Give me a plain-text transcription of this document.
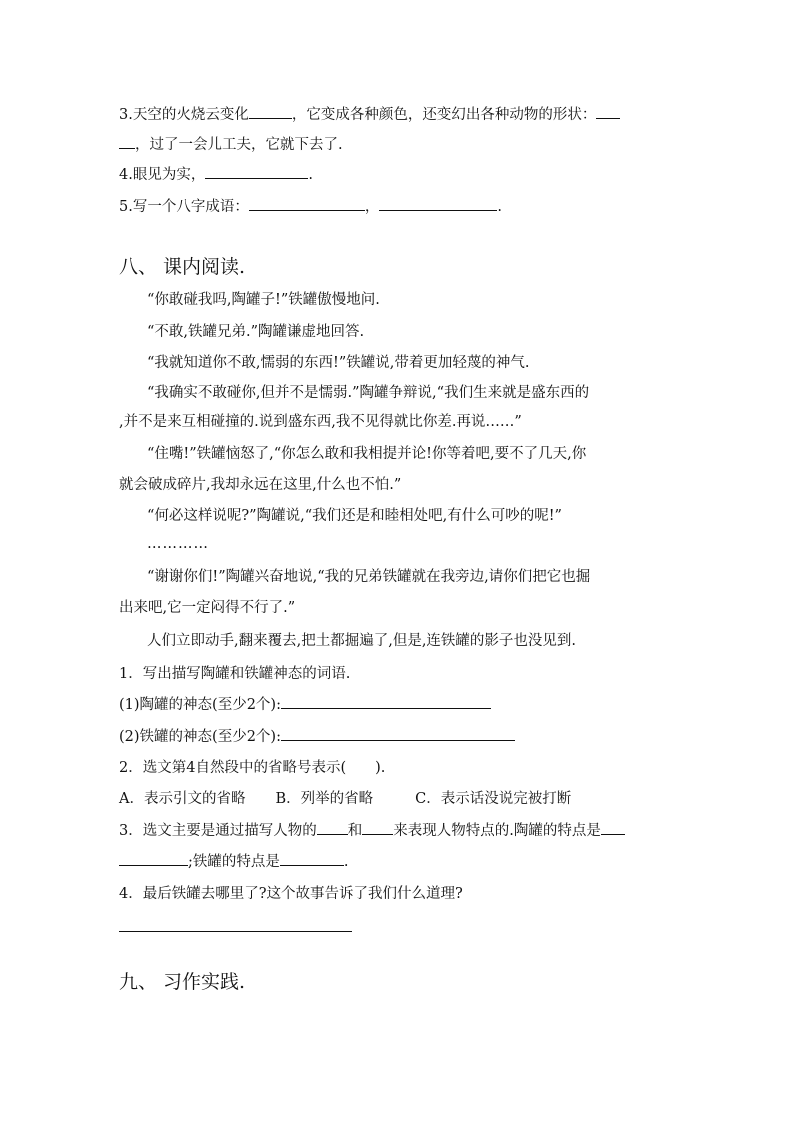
3.天空的火烧云变化	，它变成各种颜色，还变幻出各种动物的形状：
，过了一会儿工夫，它就下去了.
4.眼见为实，	.
5.写一个八字成语：	，	.
八、 课内阅读.
“你敢碰我吗,陶罐子!”铁罐傲慢地问.
“不敢,铁罐兄弟.”陶罐谦虚地回答.
“我就知道你不敢,懦弱的东西!”铁罐说,带着更加轻蔑的神气.
“我确实不敢碰你,但并不是懦弱.”陶罐争辩说,“我们生来就是盛东西的
,并不是来互相碰撞的.说到盛东西,我不见得就比你差.再说……”
“住嘴!”铁罐恼怒了,“你怎么敢和我相提并论!你等着吧,要不了几天,你
就会破成碎片,我却永远在这里,什么也不怕.”
“何必这样说呢?”陶罐说,“我们还是和睦相处吧,有什么可吵的呢!”
…………
“谢谢你们!”陶罐兴奋地说,“我的兄弟铁罐就在我旁边,请你们把它也掘
出来吧,它一定闷得不行了.”
人们立即动手,翻来覆去,把土都掘遍了,但是,连铁罐的影子也没见到.
1．写出描写陶罐和铁罐神态的词语.
(1)陶罐的神态(至少2个):
(2)铁罐的神态(至少2个):
2．选文第4自然段中的省略号表示(　　).
A．表示引文的省略 B．列举的省略	C．表示话没说完被打断
3．选文主要是通过描写人物的 和 来表现人物特点的.陶罐的特点是
;铁罐的特点是	.
4．最后铁罐去哪里了?这个故事告诉了我们什么道理?
九、 习作实践.
